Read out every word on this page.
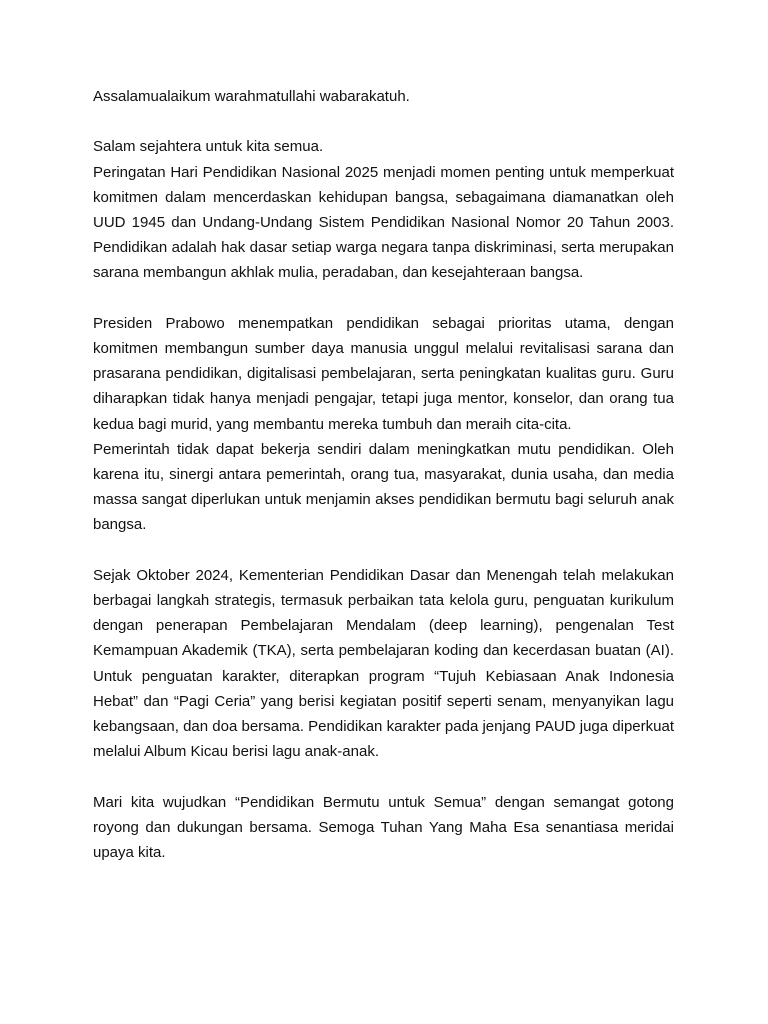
Assalamualaikum warahmatullahi wabarakatuh.

Salam sejahtera untuk kita semua.

Peringatan Hari Pendidikan Nasional 2025 menjadi momen penting untuk memperkuat komitmen dalam mencerdaskan kehidupan bangsa, sebagaimana diamanatkan oleh UUD 1945 dan Undang-Undang Sistem Pendidikan Nasional Nomor 20 Tahun 2003. Pendidikan adalah hak dasar setiap warga negara tanpa diskriminasi, serta merupakan sarana membangun akhlak mulia, peradaban, dan kesejahteraan bangsa.

Presiden Prabowo menempatkan pendidikan sebagai prioritas utama, dengan komitmen membangun sumber daya manusia unggul melalui revitalisasi sarana dan prasarana pendidikan, digitalisasi pembelajaran, serta peningkatan kualitas guru. Guru diharapkan tidak hanya menjadi pengajar, tetapi juga mentor, konselor, dan orang tua kedua bagi murid, yang membantu mereka tumbuh dan meraih cita-cita.

Pemerintah tidak dapat bekerja sendiri dalam meningkatkan mutu pendidikan. Oleh karena itu, sinergi antara pemerintah, orang tua, masyarakat, dunia usaha, dan media massa sangat diperlukan untuk menjamin akses pendidikan bermutu bagi seluruh anak bangsa.

Sejak Oktober 2024, Kementerian Pendidikan Dasar dan Menengah telah melakukan berbagai langkah strategis, termasuk perbaikan tata kelola guru, penguatan kurikulum dengan penerapan Pembelajaran Mendalam (deep learning), pengenalan Test Kemampuan Akademik (TKA), serta pembelajaran koding dan kecerdasan buatan (AI). Untuk penguatan karakter, diterapkan program “Tujuh Kebiasaan Anak Indonesia Hebat” dan “Pagi Ceria” yang berisi kegiatan positif seperti senam, menyanyikan lagu kebangsaan, dan doa bersama. Pendidikan karakter pada jenjang PAUD juga diperkuat melalui Album Kicau berisi lagu anak-anak.

Mari kita wujudkan “Pendidikan Bermutu untuk Semua” dengan semangat gotong royong dan dukungan bersama. Semoga Tuhan Yang Maha Esa senantiasa meridai upaya kita.
